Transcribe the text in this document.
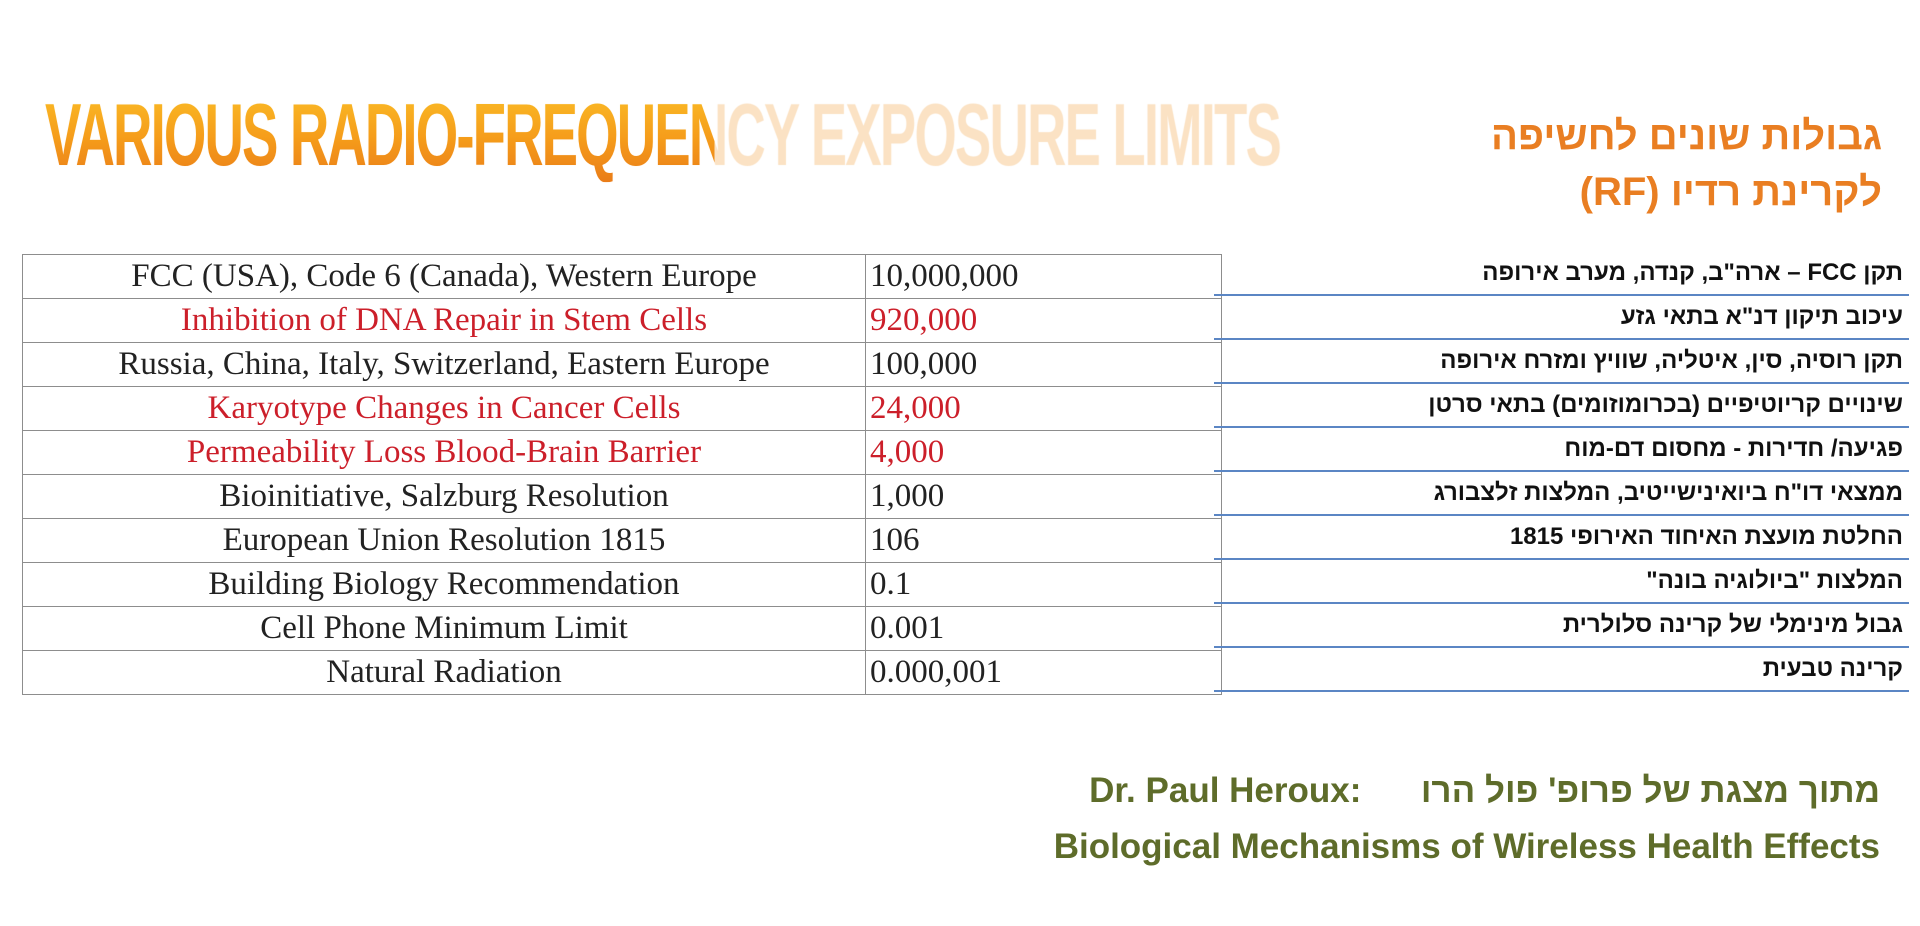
VARIOUS RADIO-FREQUENCY EXPOSURE LIMITS	גבולות שונים לחשיפה
לקרינת רדיו (RF)
FCC (USA), Code 6 (Canada), Western Europe	10,000,000
Inhibition of DNA Repair in Stem Cells	920,000
Russia, China, Italy, Switzerland, Eastern Europe	100,000
Karyotype Changes in Cancer Cells	24,000
Permeability Loss Blood-Brain Barrier	4,000
Bioinitiative, Salzburg Resolution	1,000
European Union Resolution 1815	106
Building Biology Recommendation	0.1
Cell Phone Minimum Limit	0.001
Natural Radiation	0.000,001
תקן FCC – ארה"ב, קנדה, מערב אירופה
עיכוב תיקון דנ"א בתאי גזע
תקן רוסיה, סין, איטליה, שוויץ ומזרח אירופה
שינויים קריוטיפיים (בכרומוזומים) בתאי סרטן
פגיעה/ חדירות - מחסום דם-מוח
ממצאי דו"ח ביואינישייטיב, המלצות זלצבורג
החלטת מועצת האיחוד האירופי 1815
המלצות "ביולוגיה בונה"
גבול מינימלי של קרינה סלולרית
קרינה טבעית
Dr. Paul Heroux: מתוך מצגת של פרופ' פול הרו
Biological Mechanisms of Wireless Health Effects
